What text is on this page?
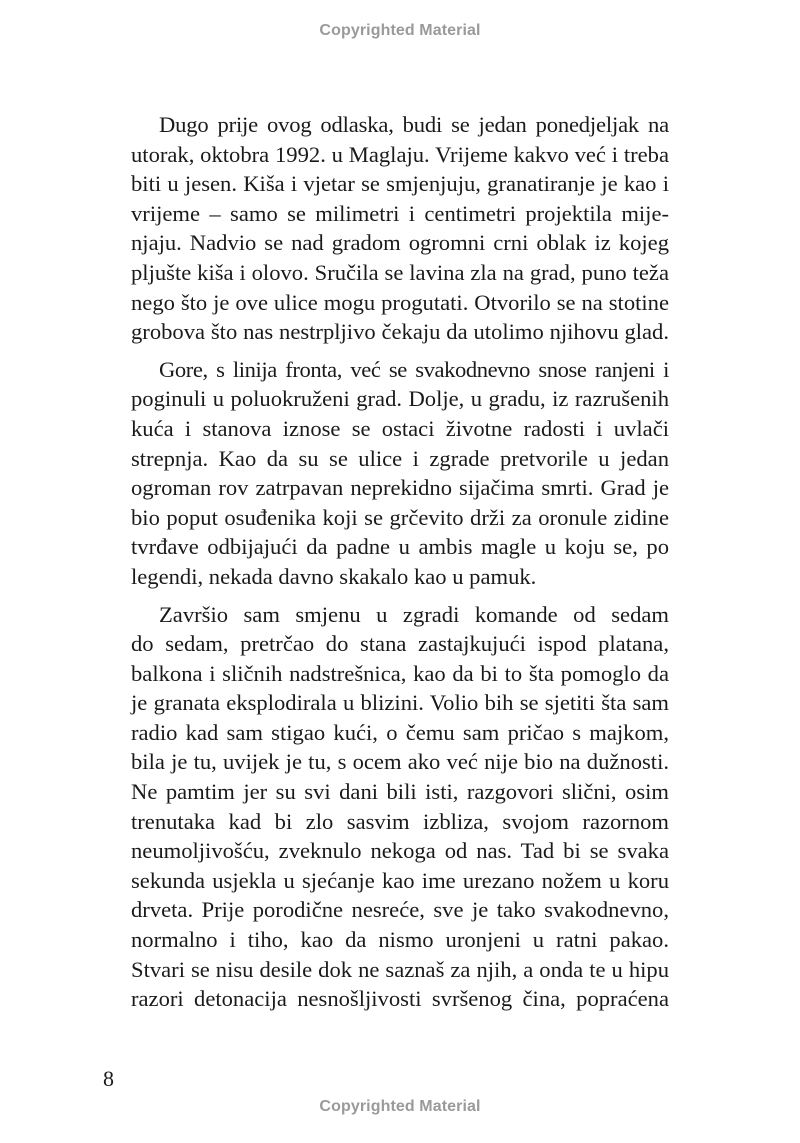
Copyrighted Material

Dugo prije ovog odlaska, budi se jedan ponedjeljak na
utorak, oktobra 1992. u Maglaju. Vrijeme kakvo već i treba
biti u jesen. Kiša i vjetar se smjenjuju, granatiranje je kao i
vrijeme – samo se milimetri i centimetri projektila mije-
njaju. Nadvio se nad gradom ogromni crni oblak iz kojeg
pljušte kiša i olovo. Sručila se lavina zla na grad, puno teža
nego što je ove ulice mogu progutati. Otvorilo se na stotine
grobova što nas nestrpljivo čekaju da utolimo njihovu glad.

Gore, s linija fronta, već se svakodnevno snose ranjeni i
poginuli u poluokruženi grad. Dolje, u gradu, iz razrušenih
kuća i stanova iznose se ostaci životne radosti i uvlači
strepnja. Kao da su se ulice i zgrade pretvorile u jedan
ogroman rov zatrpavan neprekidno sijačima smrti. Grad je
bio poput osuđenika koji se grčevito drži za oronule zidine
tvrđave odbijajući da padne u ambis magle u koju se, po
legendi, nekada davno skakalo kao u pamuk.

Završio sam smjenu u zgradi komande od sedam
do sedam, pretrčao do stana zastajkujući ispod platana,
balkona i sličnih nadstrešnica, kao da bi to šta pomoglo da
je granata eksplodirala u blizini. Volio bih se sjetiti šta sam
radio kad sam stigao kući, o čemu sam pričao s majkom,
bila je tu, uvijek je tu, s ocem ako već nije bio na dužnosti.
Ne pamtim jer su svi dani bili isti, razgovori slični, osim
trenutaka kad bi zlo sasvim izbliza, svojom razornom
neumoljivošću, zveknulo nekoga od nas. Tad bi se svaka
sekunda usjekla u sjećanje kao ime urezano nožem u koru
drveta. Prije porodične nesreće, sve je tako svakodnevno,
normalno i tiho, kao da nismo uronjeni u ratni pakao.
Stvari se nisu desile dok ne saznaš za njih, a onda te u hipu
razori detonacija nesnošljivosti svršenog čina, popraćena

8
Copyrighted Material
